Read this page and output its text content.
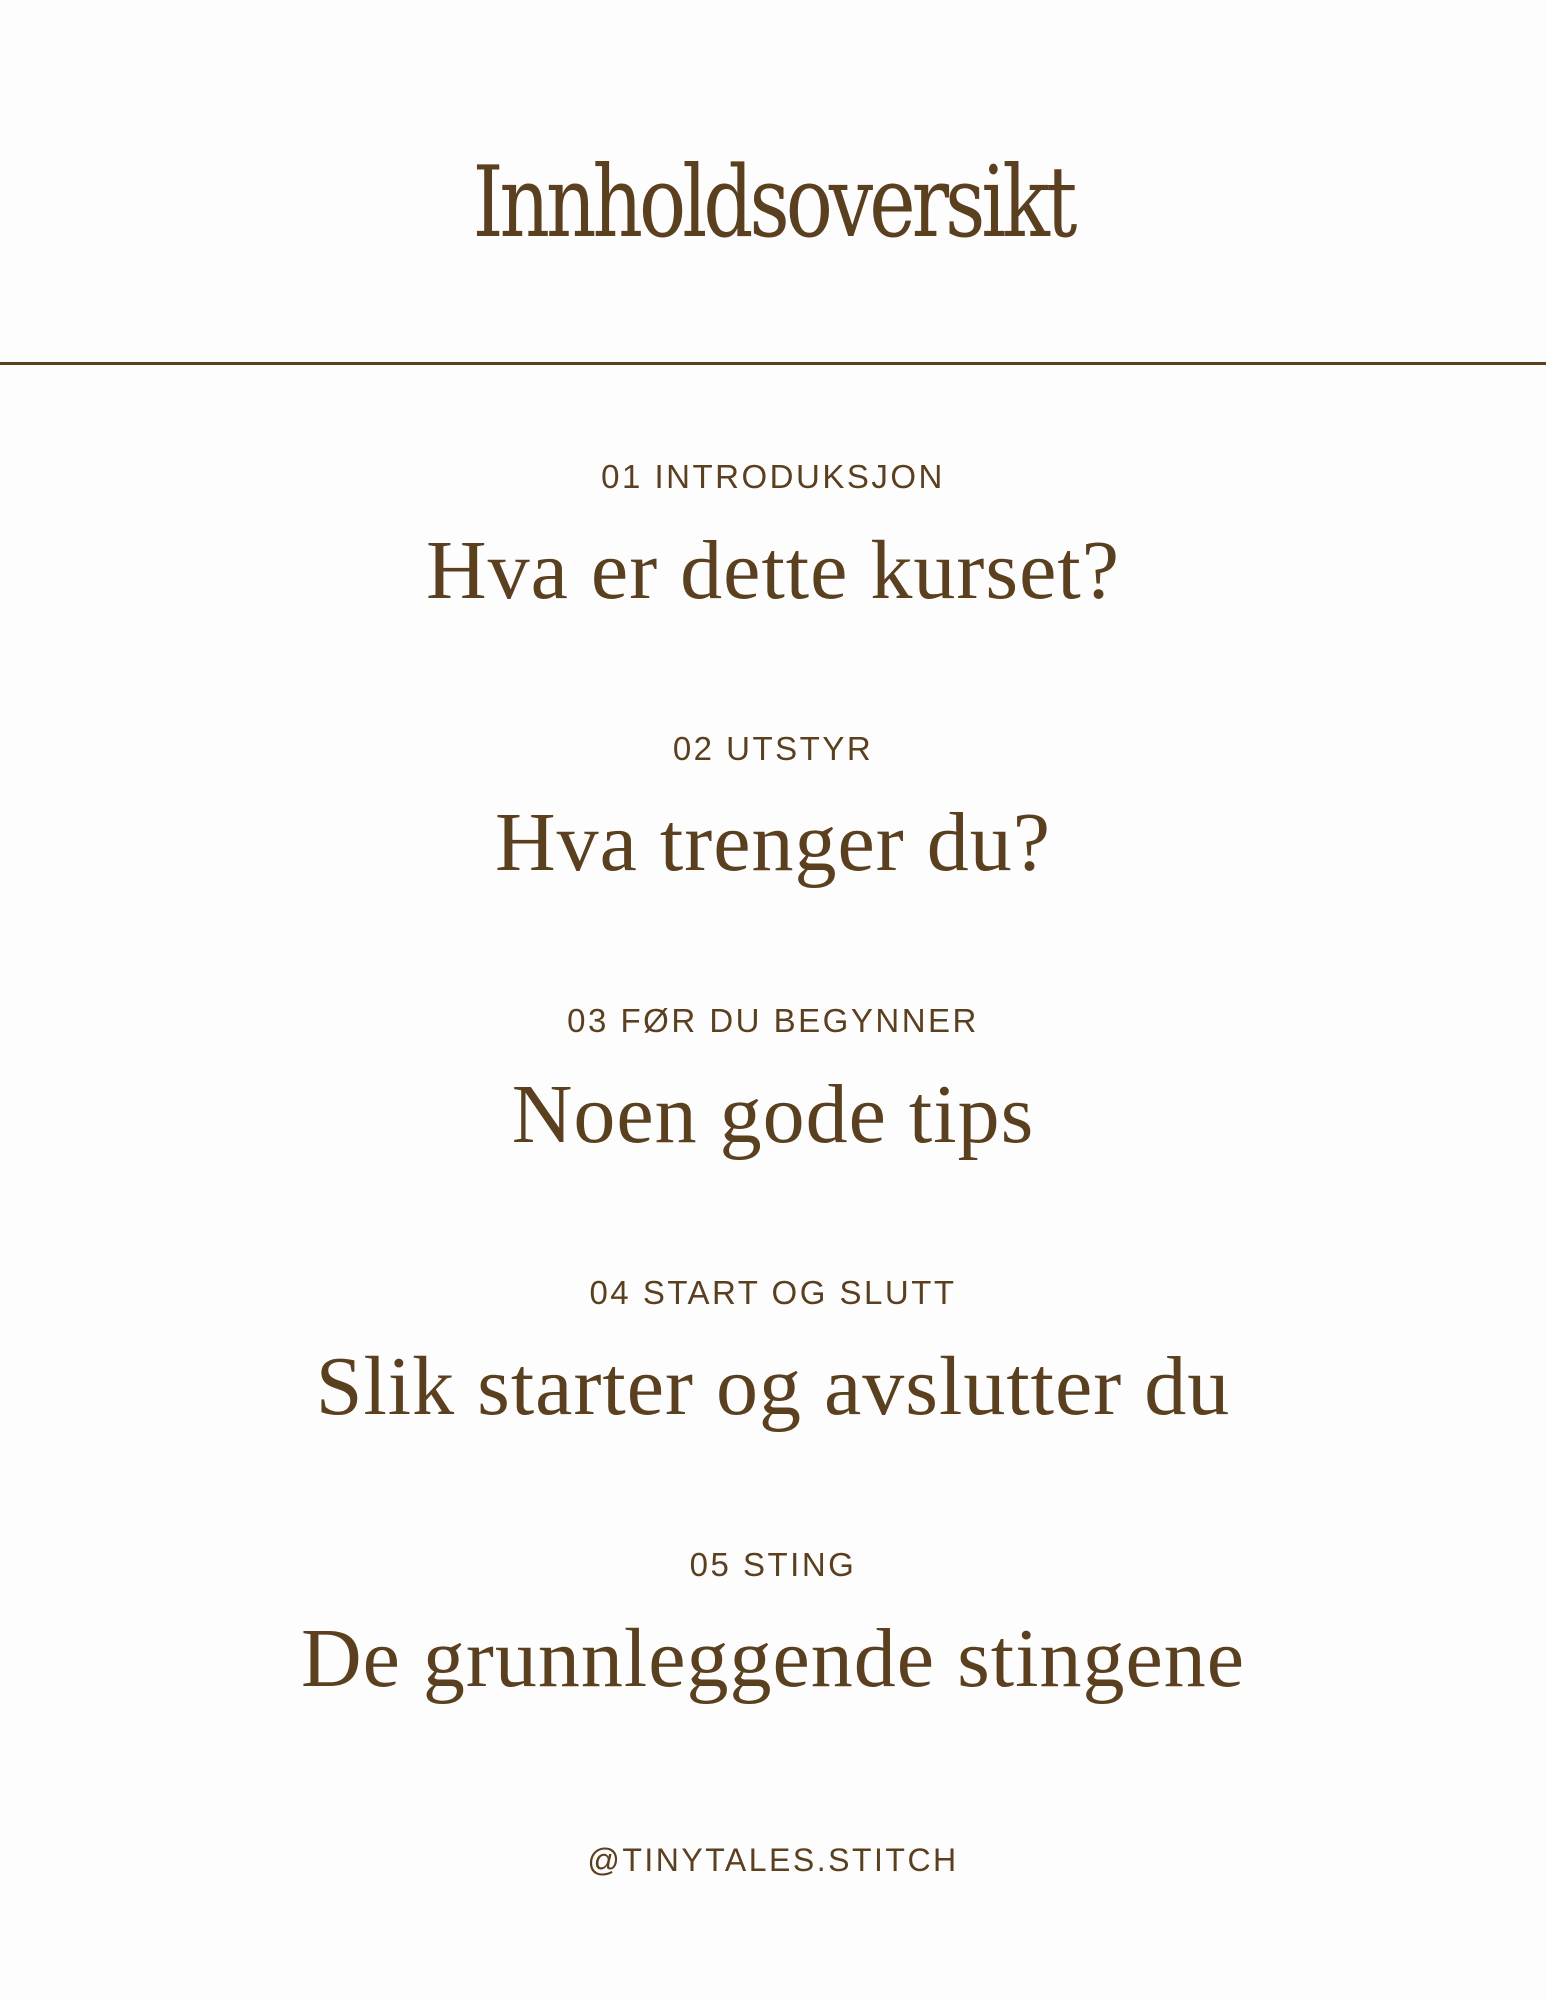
Innholdsoversikt

01 INTRODUKSJON

Hva er dette kurset?

02 UTSTYR

Hva trenger du?

03 FØR DU BEGYNNER

Noen gode tips

04 START OG SLUTT

Slik starter og avslutter du

05 STING

De grunnleggende stingene

@TINYTALES.STITCH
